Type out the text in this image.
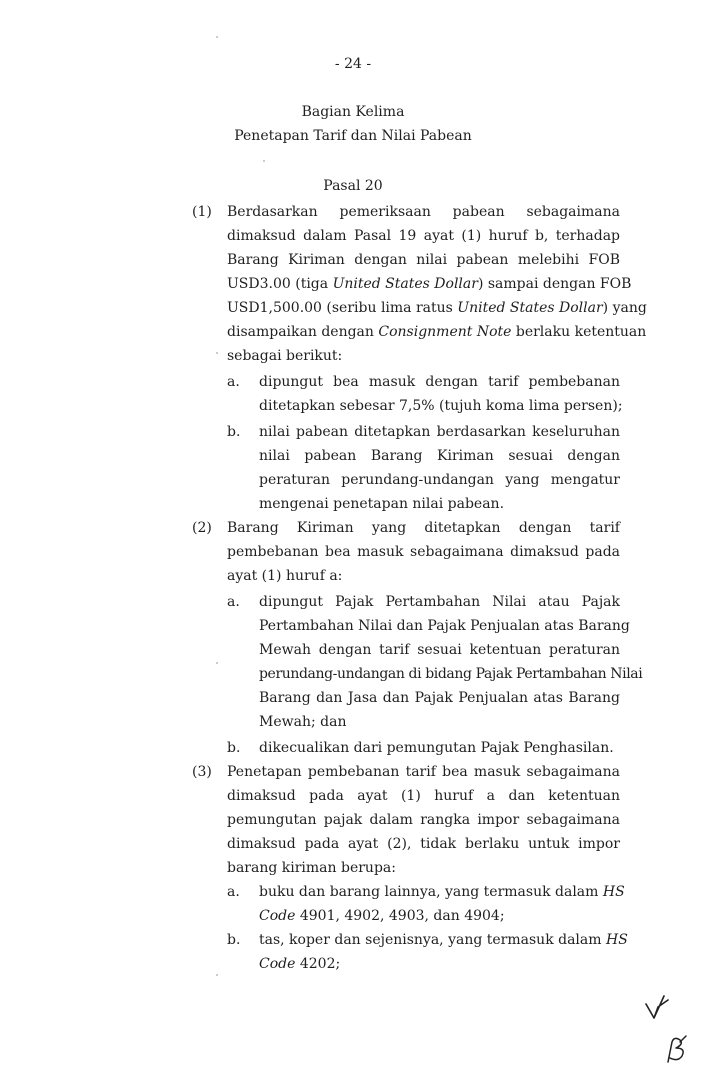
- 24 -
Bagian Kelima
Penetapan Tarif dan Nilai Pabean
Pasal 20
(1) Berdasarkan pemeriksaan pabean sebagaimana
dimaksud dalam Pasal 19 ayat (1) huruf b, terhadap
Barang Kiriman dengan nilai pabean melebihi FOB
USD3.00 (tiga United States Dollar) sampai dengan FOB
USD1,500.00 (seribu lima ratus United States Dollar) yang
disampaikan dengan Consignment Note berlaku ketentuan
sebagai berikut:
a. dipungut bea masuk dengan tarif pembebanan
ditetapkan sebesar 7,5% (tujuh koma lima persen);
b. nilai pabean ditetapkan berdasarkan keseluruhan
nilai pabean Barang Kiriman sesuai dengan
peraturan perundang-undangan yang mengatur
mengenai penetapan nilai pabean.
(2) Barang Kiriman yang ditetapkan dengan tarif
pembebanan bea masuk sebagaimana dimaksud pada
ayat (1) huruf a:
a. dipungut Pajak Pertambahan Nilai atau Pajak
Pertambahan Nilai dan Pajak Penjualan atas Barang
Mewah dengan tarif sesuai ketentuan peraturan
perundang-undangan di bidang Pajak Pertambahan Nilai
Barang dan Jasa dan Pajak Penjualan atas Barang
Mewah; dan
b. dikecualikan dari pemungutan Pajak Penghasilan.
(3) Penetapan pembebanan tarif bea masuk sebagaimana
dimaksud pada ayat (1) huruf a dan ketentuan
pemungutan pajak dalam rangka impor sebagaimana
dimaksud pada ayat (2), tidak berlaku untuk impor
barang kiriman berupa:
a. buku dan barang lainnya, yang termasuk dalam HS
Code 4901, 4902, 4903, dan 4904;
b. tas, koper dan sejenisnya, yang termasuk dalam HS
Code 4202;
